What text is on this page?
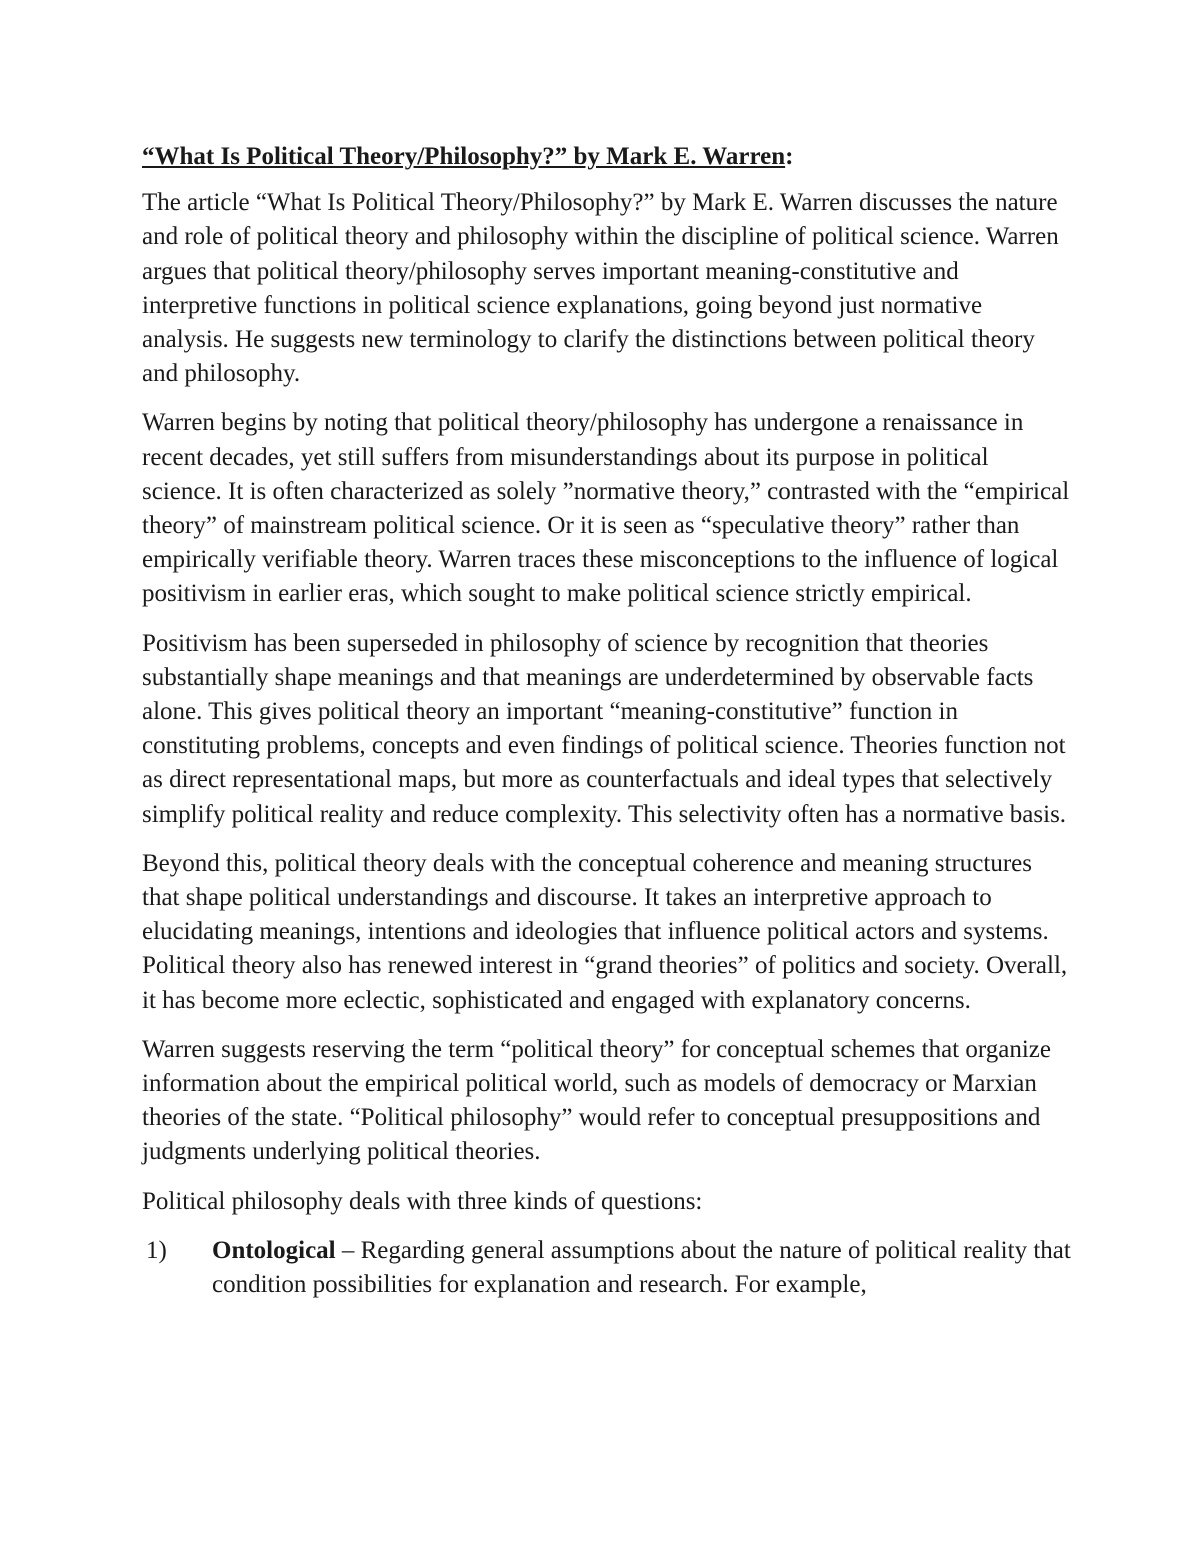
“What Is Political Theory/Philosophy?” by Mark E. Warren:

The article “What Is Political Theory/Philosophy?” by Mark E. Warren discusses the nature and role of political theory and philosophy within the discipline of political science. Warren argues that political theory/philosophy serves important meaning-constitutive and interpretive functions in political science explanations, going beyond just normative analysis. He suggests new terminology to clarify the distinctions between political theory and philosophy.

Warren begins by noting that political theory/philosophy has undergone a renaissance in recent decades, yet still suffers from misunderstandings about its purpose in political science. It is often characterized as solely ”normative theory,” contrasted with the “empirical theory” of mainstream political science. Or it is seen as “speculative theory” rather than empirically verifiable theory. Warren traces these misconceptions to the influence of logical positivism in earlier eras, which sought to make political science strictly empirical.

Positivism has been superseded in philosophy of science by recognition that theories substantially shape meanings and that meanings are underdetermined by observable facts alone. This gives political theory an important “meaning-constitutive” function in constituting problems, concepts and even findings of political science. Theories function not as direct representational maps, but more as counterfactuals and ideal types that selectively simplify political reality and reduce complexity. This selectivity often has a normative basis.

Beyond this, political theory deals with the conceptual coherence and meaning structures that shape political understandings and discourse. It takes an interpretive approach to elucidating meanings, intentions and ideologies that influence political actors and systems. Political theory also has renewed interest in “grand theories” of politics and society. Overall, it has become more eclectic, sophisticated and engaged with explanatory concerns.

Warren suggests reserving the term “political theory” for conceptual schemes that organize information about the empirical political world, such as models of democracy or Marxian theories of the state. “Political philosophy” would refer to conceptual presuppositions and judgments underlying political theories.

Political philosophy deals with three kinds of questions:

1)	Ontological – Regarding general assumptions about the nature of political reality that condition possibilities for explanation and research. For example,
